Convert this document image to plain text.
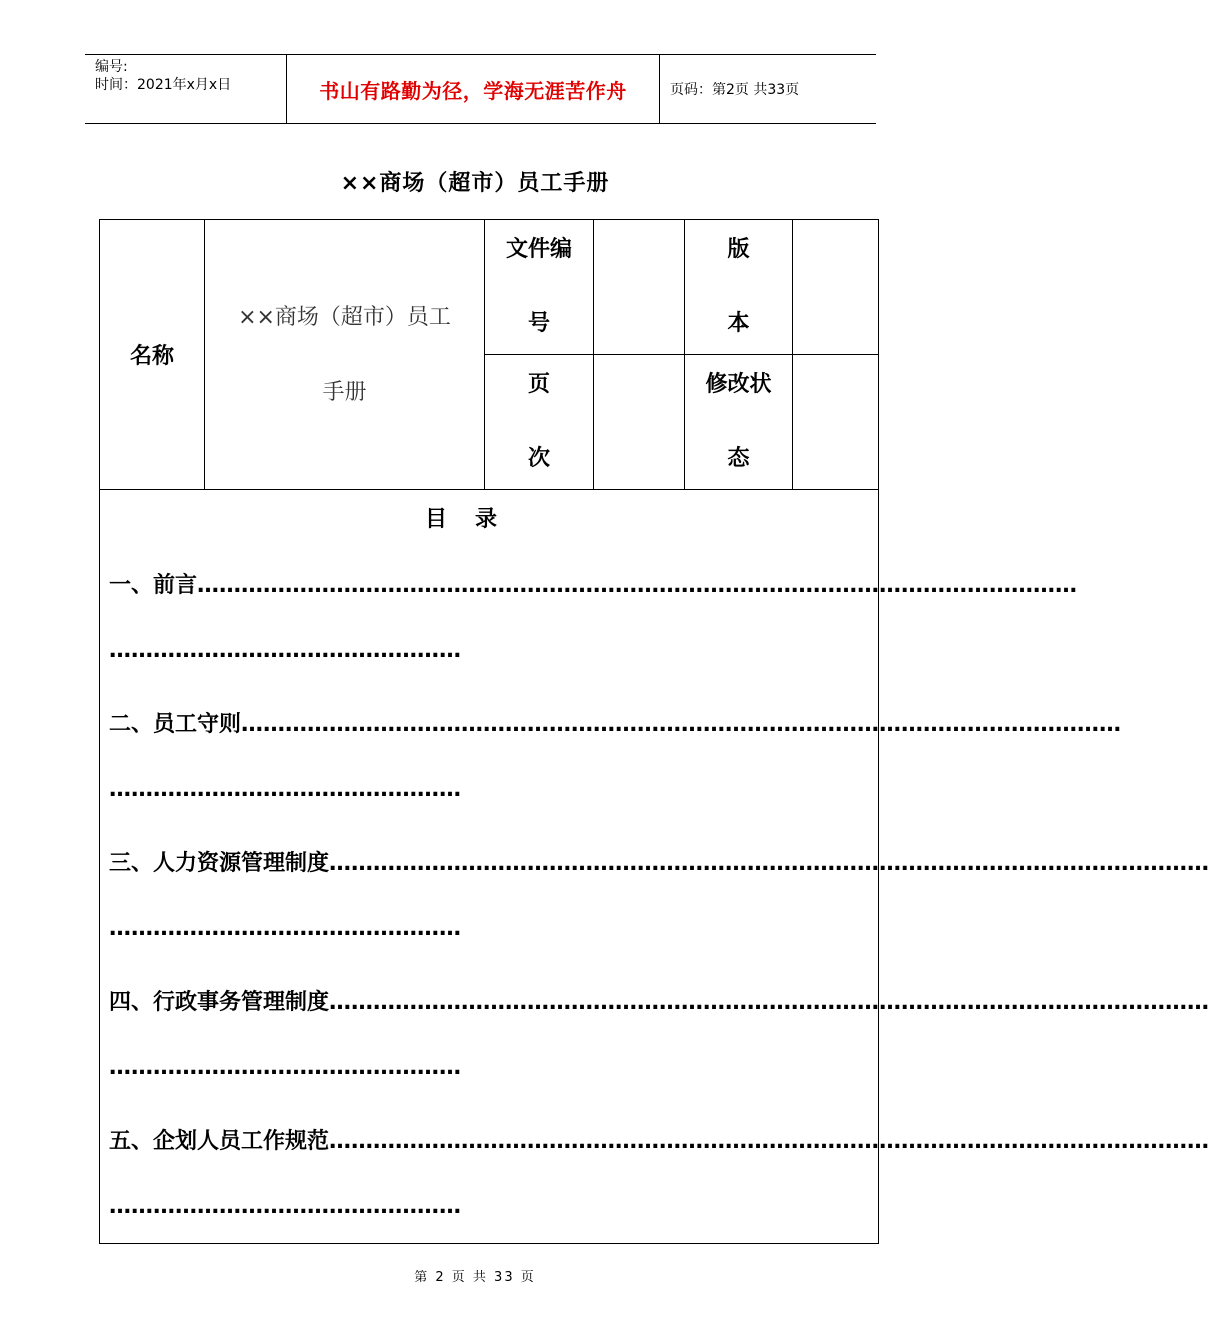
编号:
时间：2021年x月x日	书山有路勤为径，学海无涯苦作舟	页码：第2页 共33页
××商场（超市）员工手册
名称
××商场（超市）员工
手册
文件编
号
版
本
页
次
修改状
态
目录
一、前言…………………………………………………………………………………………………………
…………………………………………
二、员工守则…………………………………………………………………………………………………………
…………………………………………
三、人力资源管理制度…………………………………………………………………………………………………………
…………………………………………
四、行政事务管理制度…………………………………………………………………………………………………………
…………………………………………
五、企划人员工作规范…………………………………………………………………………………………………………
…………………………………………
第 2 页 共 33 页
